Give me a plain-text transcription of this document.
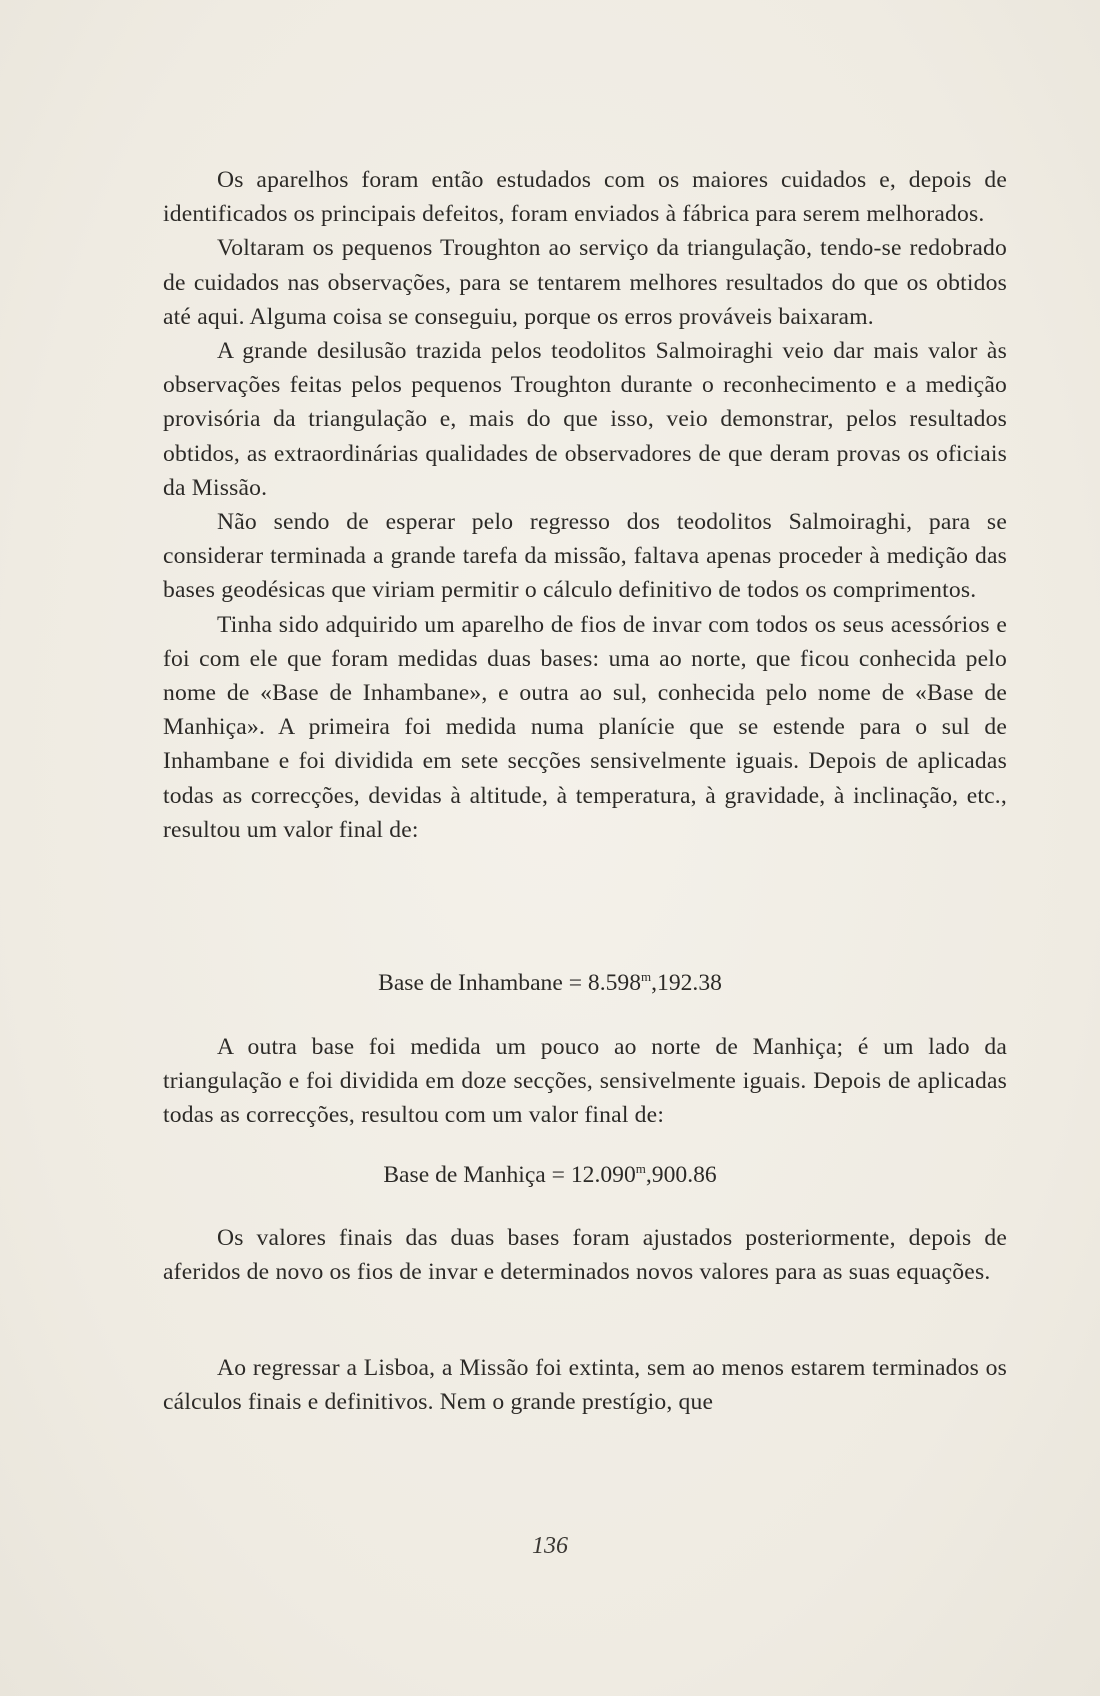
Os aparelhos foram então estudados com os maiores cuidados e, depois de identificados os principais defeitos, foram enviados à fábrica para serem melhorados.

Voltaram os pequenos Troughton ao serviço da triangulação, tendo-se redobrado de cuidados nas observações, para se tentarem melhores resultados do que os obtidos até aqui. Alguma coisa se conseguiu, porque os erros prováveis baixaram.

A grande desilusão trazida pelos teodolitos Salmoiraghi veio dar mais valor às observações feitas pelos pequenos Troughton durante o reconhecimento e a medição provisória da triangulação e, mais do que isso, veio demonstrar, pelos resultados obtidos, as extraordinárias qualidades de observadores de que deram provas os oficiais da Missão.

Não sendo de esperar pelo regresso dos teodolitos Salmoiraghi, para se considerar terminada a grande tarefa da missão, faltava apenas proceder à medição das bases geodésicas que viriam permitir o cálculo definitivo de todos os comprimentos.

Tinha sido adquirido um aparelho de fios de invar com todos os seus acessórios e foi com ele que foram medidas duas bases: uma ao norte, que ficou conhecida pelo nome de «Base de Inhambane», e outra ao sul, conhecida pelo nome de «Base de Manhiça». A primeira foi medida numa planície que se estende para o sul de Inhambane e foi dividida em sete secções sensivelmente iguais. Depois de aplicadas todas as correcções, devidas à altitude, à temperatura, à gravidade, à inclinação, etc., resultou um valor final de:

Base de Inhambane = $8.598^m,192.38$

A outra base foi medida um pouco ao norte de Manhiça; é um lado da triangulação e foi dividida em doze secções, sensivelmente iguais. Depois de aplicadas todas as correcções, resultou com um valor final de:

Base de Manhiça = $12.090^m,900.86$

Os valores finais das duas bases foram ajustados posteriormente, depois de aferidos de novo os fios de invar e determinados novos valores para as suas equações.

Ao regressar a Lisboa, a Missão foi extinta, sem ao menos estarem terminados os cálculos finais e definitivos. Nem o grande prestígio, que

136
